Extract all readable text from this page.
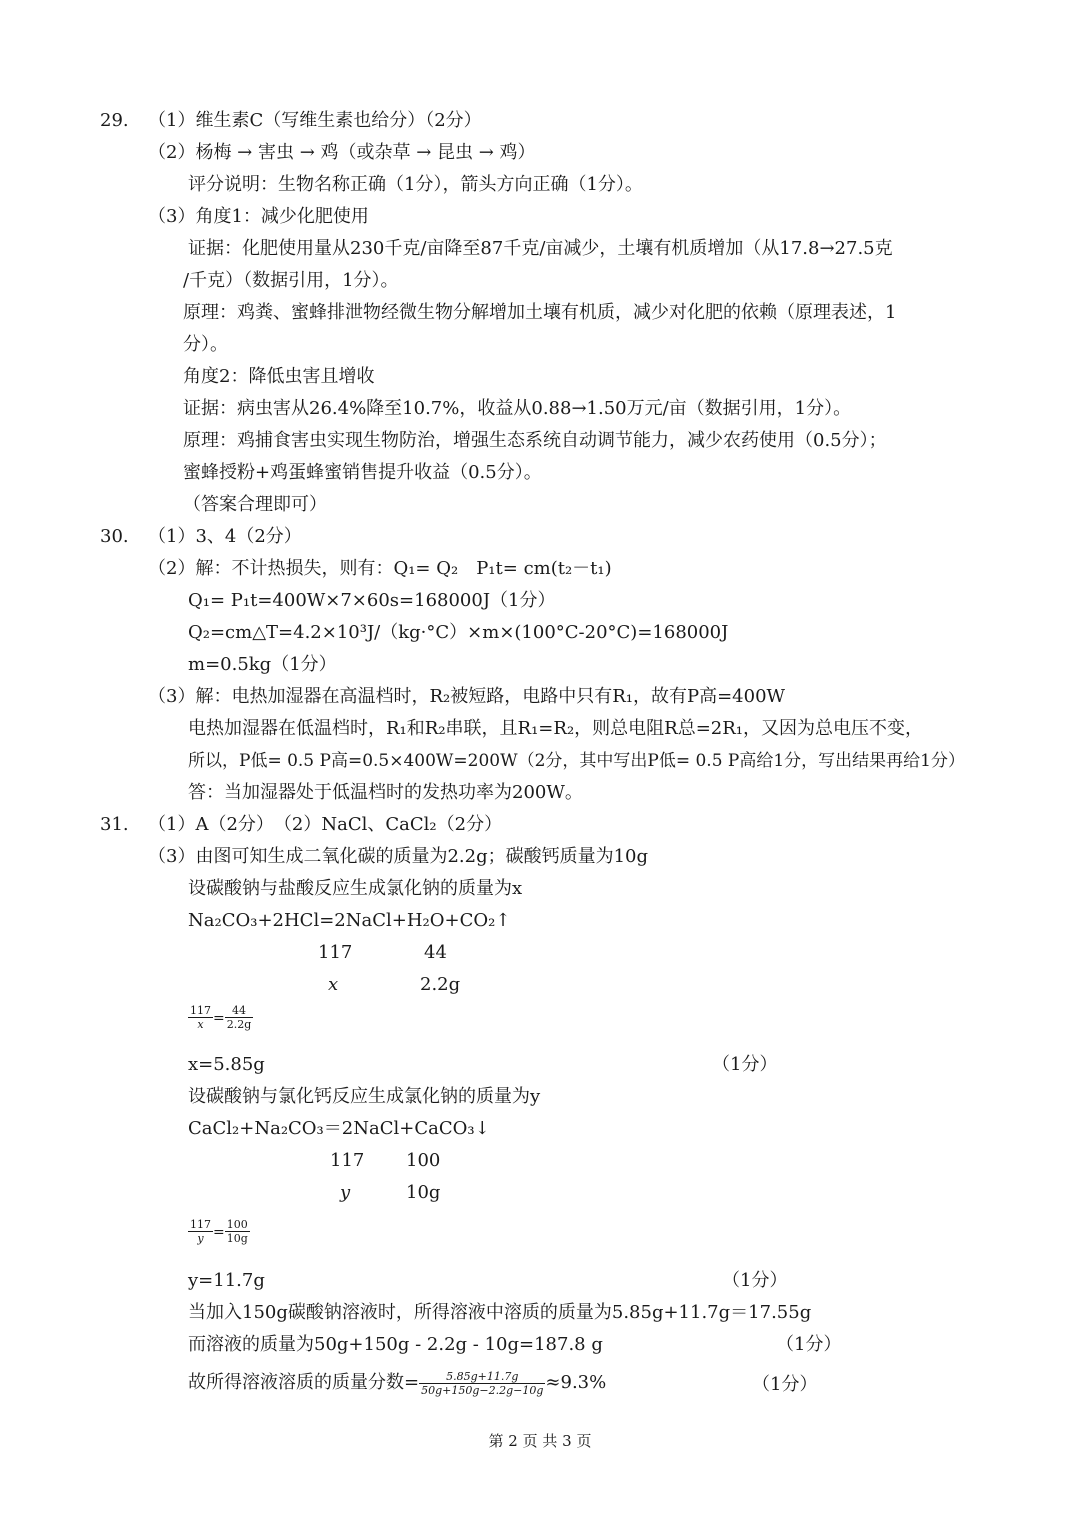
29. （1）维生素C（写维生素也给分）（2分）
（2）杨梅 → 害虫 → 鸡（或杂草 → 昆虫 → 鸡）
评分说明：生物名称正确（1分），箭头方向正确（1分）。
（3）角度1：减少化肥使用
证据：化肥使用量从230千克/亩降至87千克/亩减少，土壤有机质增加（从17.8→27.5克
/千克）（数据引用，1分）。
原理：鸡粪、蜜蜂排泄物经微生物分解增加土壤有机质，减少对化肥的依赖（原理表述，1
分）。
角度2：降低虫害且增收
证据：病虫害从26.4%降至10.7%，收益从0.88→1.50万元/亩（数据引用，1分）。
原理：鸡捕食害虫实现生物防治，增强生态系统自动调节能力，减少农药使用（0.5分）；
蜜蜂授粉+鸡蛋蜂蜜销售提升收益（0.5分）。
（答案合理即可）
30. （1）3、4（2分）
（2）解：不计热损失，则有：Q₁= Q₂　P₁t= cm(t₂－t₁)
Q₁= P₁t=400W×7×60s=168000J（1分）
Q₂=cm△T=4.2×10³J/（kg·°C）×m×(100°C-20°C)=168000J
m=0.5kg（1分）
（3）解：电热加湿器在高温档时，R₂被短路，电路中只有R₁，故有P高=400W
电热加湿器在低温档时，R₁和R₂串联，且R₁=R₂，则总电阻R总=2R₁，又因为总电压不变，
所以，P低= 0.5 P高=0.5×400W=200W（2分，其中写出P低= 0.5 P高给1分，写出结果再给1分）
答：当加湿器处于低温档时的发热功率为200W。
31. （1）A（2分）　（2）NaCl、CaCl₂（2分）
（3）由图可知生成二氧化碳的质量为2.2g；碳酸钙质量为10g
设碳酸钠与盐酸反应生成氯化钠的质量为x
Na₂CO₃+2HCl=2NaCl+H₂O+CO₂↑
117	44
x	2.2g
$\frac{117}{x} = \frac{44}{2.2g}$
x=5.85g	（1分）
设碳酸钠与氯化钙反应生成氯化钠的质量为y
CaCl₂+Na₂CO₃＝2NaCl+CaCO₃↓
117 100
y	10g
$\frac{117}{y} = \frac{100}{10g}$
y=11.7g	（1分）
当加入150g碳酸钠溶液时，所得溶液中溶质的质量为5.85g+11.7g＝17.55g
而溶液的质量为50g+150g - 2.2g - 10g=187.8 g	（1分）
故所得溶液溶质的质量分数= $\frac{5.85g+11.7g}{50g+150g-2.2g-10g} \approx 9.3\%$	（1分）
第 2 页 共 3 页
